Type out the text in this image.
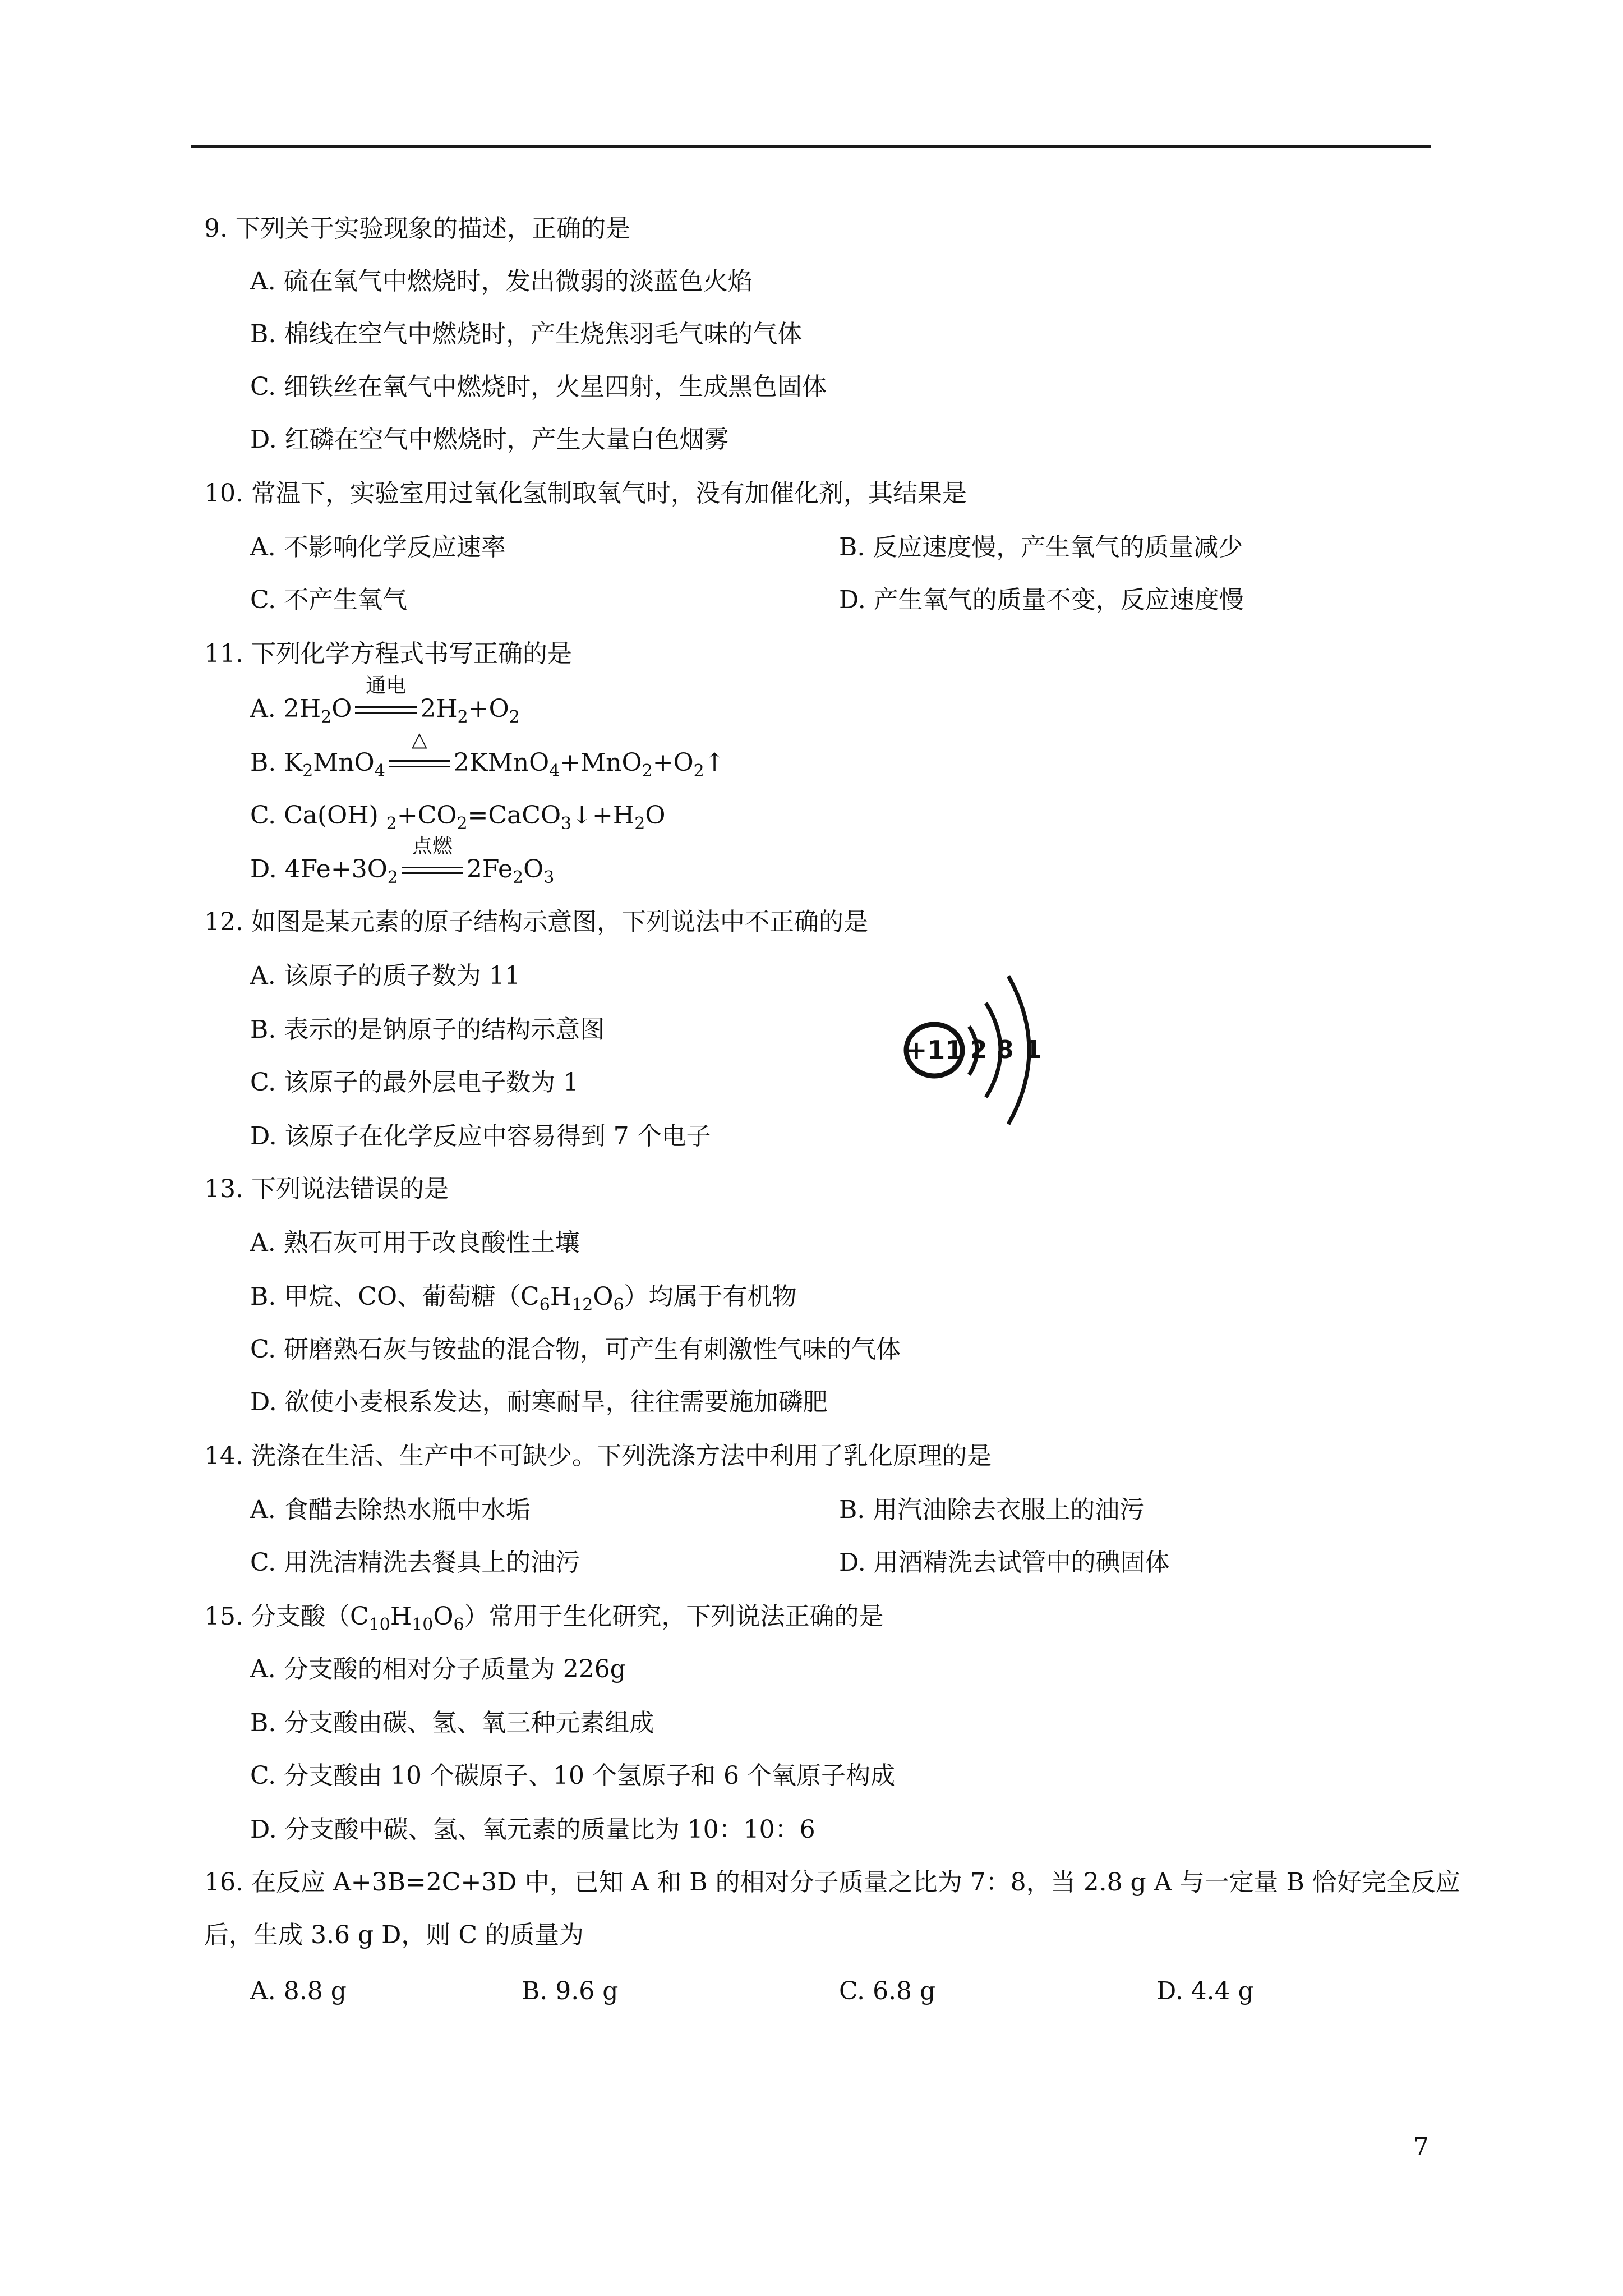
9. 下列关于实验现象的描述，正确的是
A. 硫在氧气中燃烧时，发出微弱的淡蓝色火焰
B. 棉线在空气中燃烧时，产生烧焦羽毛气味的气体
C. 细铁丝在氧气中燃烧时，火星四射，生成黑色固体
D. 红磷在空气中燃烧时，产生大量白色烟雾
10. 常温下，实验室用过氧化氢制取氧气时，没有加催化剂，其结果是
A. 不影响化学反应速率	B. 反应速度慢，产生氧气的质量减少
C. 不产生氧气	D. 产生氧气的质量不变，反应速度慢
11. 下列化学方程式书写正确的是
A. $2H_2O$
通电
$2H_2+O_2$
B. $K_2MnO_4$
△
$2KMnO_4+MnO_2+O_2↑$
C. Ca(OH) $_2+CO_2=CaCO_3↓+H_2O$
D. $4Fe+3O_2$
点燃
$2Fe_2O_3$
12. 如图是某元素的原子结构示意图，下列说法中不正确的是
A. 该原子的质子数为 11
B. 表示的是钠原子的结构示意图
C. 该原子的最外层电子数为 1
D. 该原子在化学反应中容易得到 7 个电子
+11 2 8 1
13. 下列说法错误的是
A. 熟石灰可用于改良酸性土壤
B. 甲烷、CO、葡萄糖$(C_6H_{12}O_6)$均属于有机物
C. 研磨熟石灰与铵盐的混合物，可产生有刺激性气味的气体
D. 欲使小麦根系发达，耐寒耐旱，往往需要施加磷肥
14. 洗涤在生活、生产中不可缺少。下列洗涤方法中利用了乳化原理的是
A. 食醋去除热水瓶中水垢	B. 用汽油除去衣服上的油污
C. 用洗洁精洗去餐具上的油污	D. 用酒精洗去试管中的碘固体
15. 分支酸$(C_{10}H_{10}O_6)$常用于生化研究，下列说法正确的是
A. 分支酸的相对分子质量为 226g
B. 分支酸由碳、氢、氧三种元素组成
C. 分支酸由 10 个碳原子、10 个氢原子和 6 个氧原子构成
D. 分支酸中碳、氢、氧元素的质量比为 10：10：6
16. 在反应 A+3B=2C+3D 中，已知 A 和 B 的相对分子质量之比为 7：8，当 2.8 g A 与一定量 B 恰好完全反应
后，生成 3.6 g D，则 C 的质量为
A. 8.8 g	B. 9.6 g	C. 6.8 g	D. 4.4 g
7
